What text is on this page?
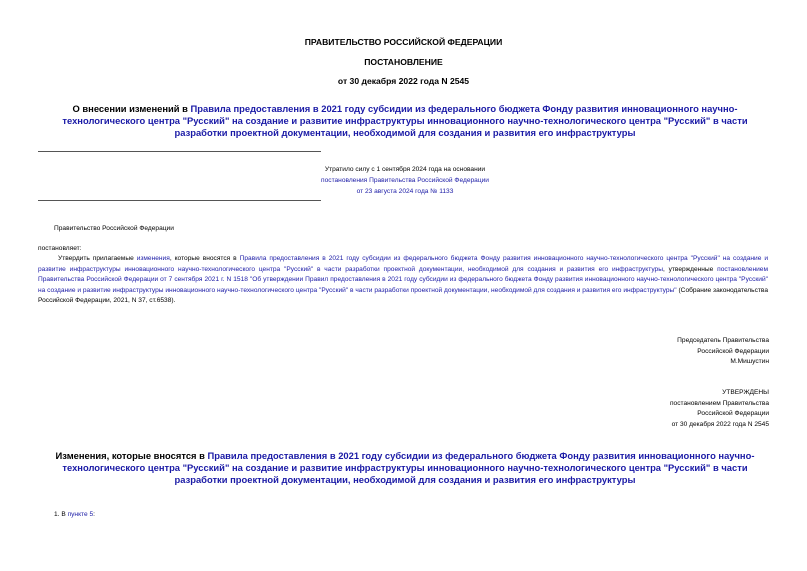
ПРАВИТЕЛЬСТВО РОССИЙСКОЙ ФЕДЕРАЦИИ
ПОСТАНОВЛЕНИЕ
от 30 декабря 2022 года N 2545
О внесении изменений в Правила предоставления в 2021 году субсидии из федерального бюджета Фонду развития инновационного научно-технологического центра "Русский" на создание и развитие инфраструктуры инновационного научно-технологического центра "Русский" в части разработки проектной документации, необходимой для создания и развития его инфраструктуры
Утратило силу с 1 сентября 2024 года на основании
постановления Правительства Российской Федерации
от 23 августа 2024 года № 1133
Правительство Российской Федерации
постановляет:
Утвердить прилагаемые изменения, которые вносятся в Правила предоставления в 2021 году субсидии из федерального бюджета Фонду развития инновационного научно-технологического центра "Русский" на создание и развитие инфраструктуры инновационного научно-технологического центра "Русский" в части разработки проектной документации, необходимой для создания и развития его инфраструктуры, утвержденные постановлением Правительства Российской Федерации от 7 сентября 2021 г. N 1518 "Об утверждении Правил предоставления в 2021 году субсидии из федерального бюджета Фонду развития инновационного научно-технологического центра "Русский" на создание и развитие инфраструктуры инновационного научно-технологического центра "Русский" в части разработки проектной документации, необходимой для создания и развития его инфраструктуры" (Собрание законодательства Российской Федерации, 2021, N 37, ст.6538).
Председатель Правительства
Российской Федерации
М.Мишустин
УТВЕРЖДЕНЫ
постановлением Правительства
Российской Федерации
от 30 декабря 2022 года N 2545
Изменения, которые вносятся в Правила предоставления в 2021 году субсидии из федерального бюджета Фонду развития инновационного научно-технологического центра "Русский" на создание и развитие инфраструктуры инновационного научно-технологического центра "Русский" в части разработки проектной документации, необходимой для создания и развития его инфраструктуры
1. В пункте 5:
